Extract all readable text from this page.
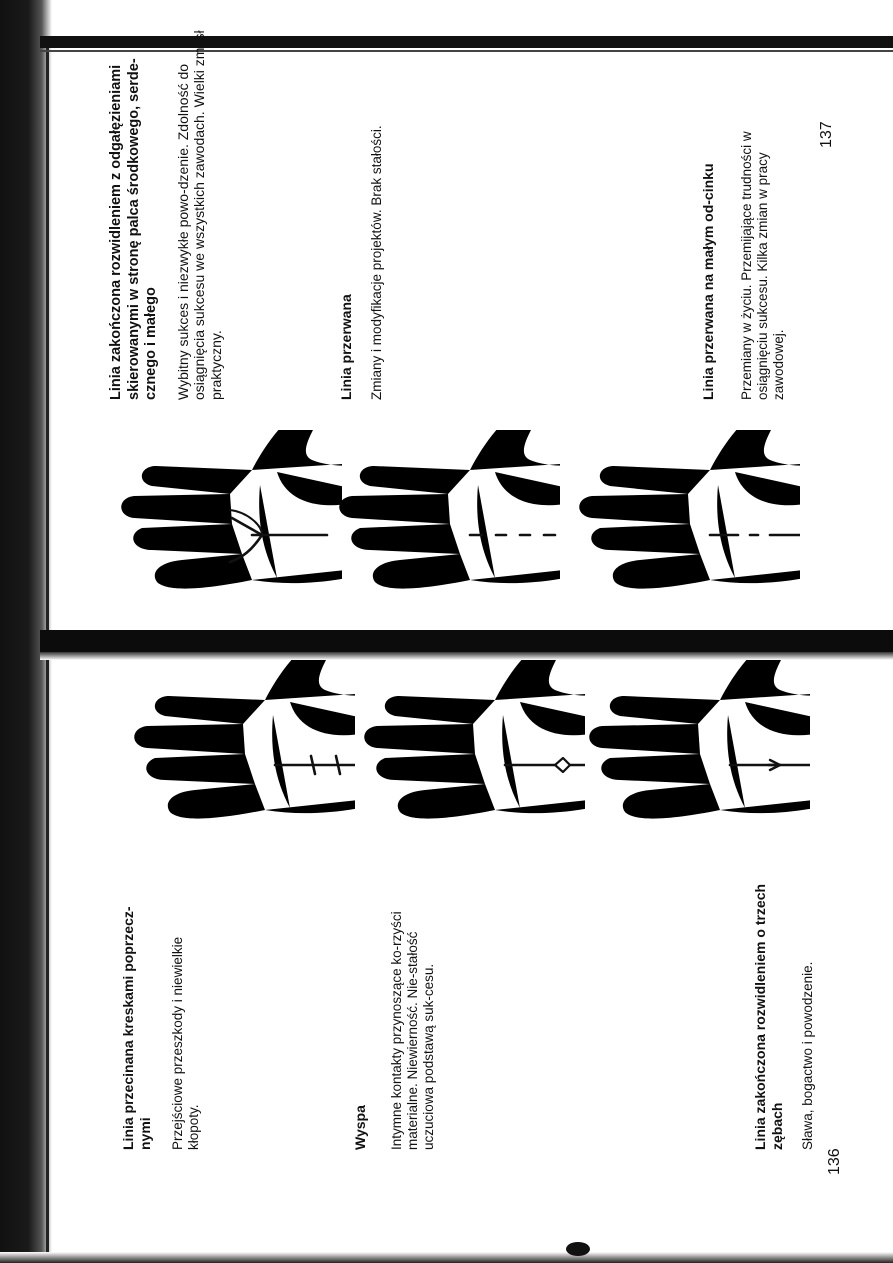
Linia zakończona rozwidleniem z odgałęzieniami skierowanymi w stronę palca środkowego, serde-cznego i małego Wybitny sukces i niezwykłe powo-dzenie. Zdolność do osiągnięcia sukcesu we wszystkich zawodach. Wielki zmysł praktyczny.	Linia przerwana Zmiany i modyfikacje projektów. Brak stałości.	Linia przerwana na małym od-cinku Przemiany w życiu. Przemijające trudności w osiągnięciu sukcesu. Kilka zmian w pracy zawodowej.

137

Linia przecinana kreskami poprzecz-
nymi Przejściowe przeszkody i niewielkie kłopoty.	Wyspa Intymne kontakty przynoszące ko-rzyści materialne. Niewierność. Nie-stałość uczuciowa podstawą suk-cesu.	Linia zakończona rozwidleniem o trzech zębach Sława, bogactwo i powodzenie.

136
